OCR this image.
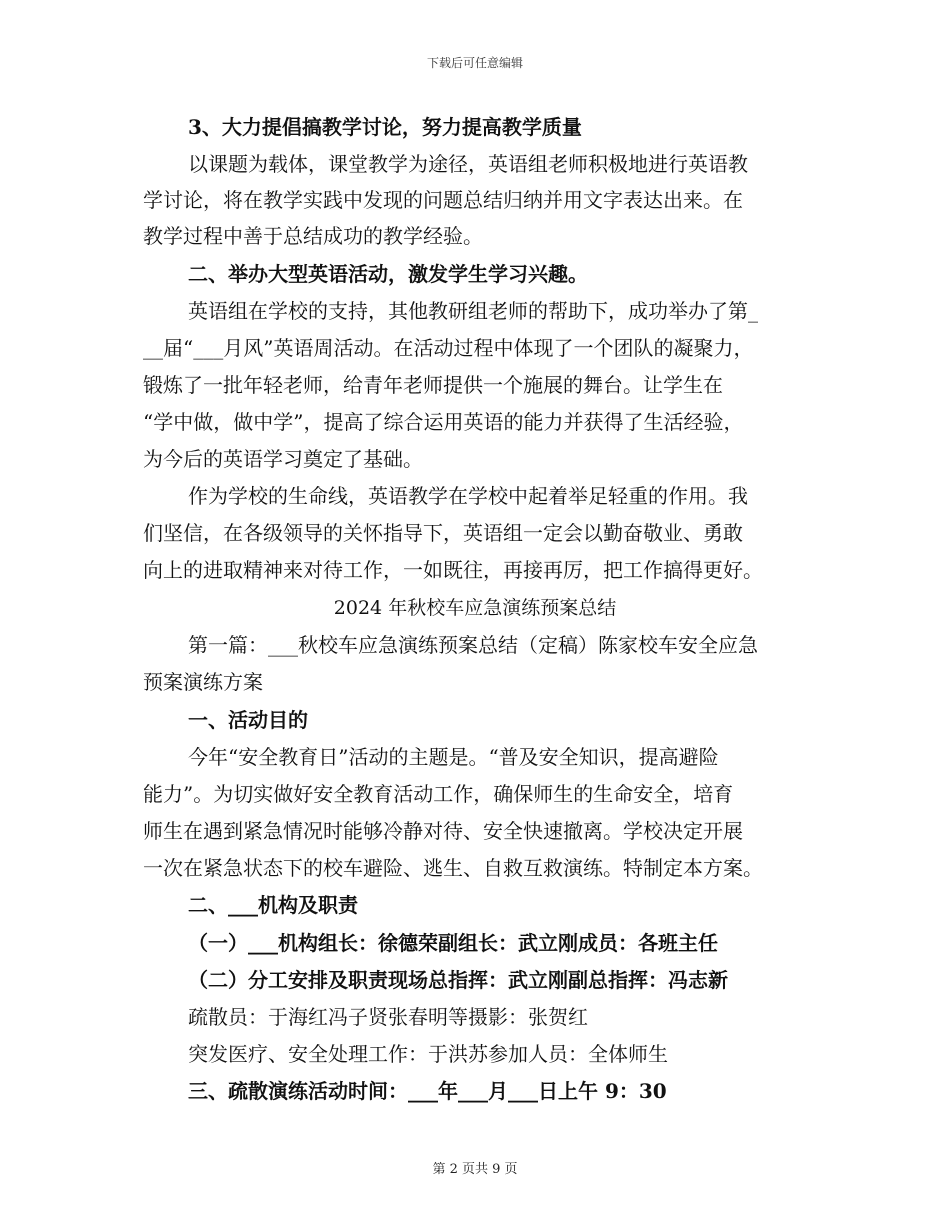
下载后可任意编辑
3、大力提倡搞教学讨论，努力提高教学质量
以课题为载体，课堂教学为途径，英语组老师积极地进行英语教
学讨论，将在教学实践中发现的问题总结归纳并用文字表达出来。在
教学过程中善于总结成功的教学经验。
二、举办大型英语活动，激发学生学习兴趣。
英语组在学校的支持，其他教研组老师的帮助下，成功举办了第_
__届“___月风”英语周活动。在活动过程中体现了一个团队的凝聚力，
锻炼了一批年轻老师，给青年老师提供一个施展的舞台。让学生在
“学中做，做中学”，提高了综合运用英语的能力并获得了生活经验，
为今后的英语学习奠定了基础。
作为学校的生命线，英语教学在学校中起着举足轻重的作用。我
们坚信，在各级领导的关怀指导下，英语组一定会以勤奋敬业、勇敢
向上的进取精神来对待工作，一如既往，再接再厉，把工作搞得更好。
2024 年秋校车应急演练预案总结
第一篇：___秋校车应急演练预案总结（定稿）陈家校车安全应急
预案演练方案
一、活动目的
今年“安全教育日”活动的主题是。“普及安全知识，提高避险
能力”。为切实做好安全教育活动工作，确保师生的生命安全，培育
师生在遇到紧急情况时能够冷静对待、安全快速撤离。学校决定开展
一次在紧急状态下的校车避险、逃生、自救互救演练。特制定本方案。
二、___机构及职责
（一）___机构组长：徐德荣副组长：武立刚成员：各班主任
（二）分工安排及职责现场总指挥：武立刚副总指挥：冯志新
疏散员：于海红冯子贤张春明等摄影：张贺红
突发医疗、安全处理工作：于洪苏参加人员：全体师生
三、疏散演练活动时间：___年___月___日上午 9：30
第 2 页共 9 页
